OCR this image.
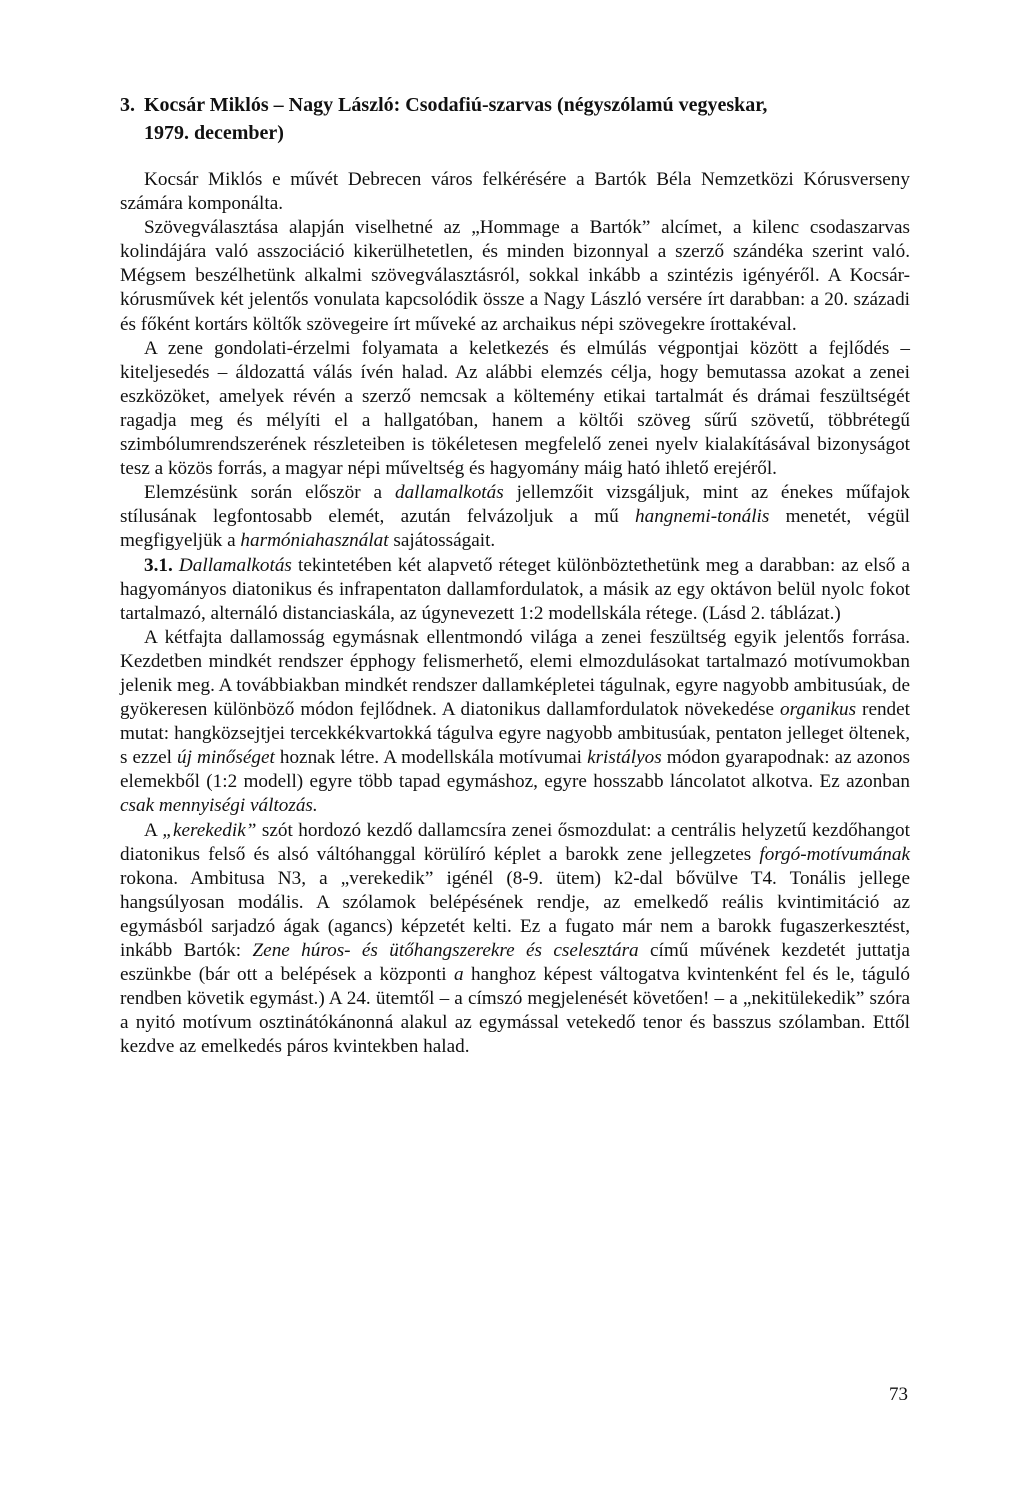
3. Kocsár Miklós – Nagy László: Csodafiú-szarvas (négyszólamú vegyeskar,
1979. december)

Kocsár Miklós e művét Debrecen város felkérésére a Bartók Béla Nemzetközi Kórusverseny számára komponálta.

Szövegválasztása alapján viselhetné az „Hommage a Bartók” alcímet, a kilenc csodaszarvas kolindájára való asszociáció kikerülhetetlen, és minden bizonnyal a szerző szándéka szerint való. Mégsem beszélhetünk alkalmi szövegválasztásról, sokkal inkább a szintézis igényéről. A Kocsár-kórusművek két jelentős vonulata kapcsolódik össze a Nagy László versére írt darabban: a 20. századi és főként kortárs költők szövegeire írt műveké az archaikus népi szövegekre írottakéval.

A zene gondolati-érzelmi folyamata a keletkezés és elmúlás végpontjai között a fejlődés – kiteljesedés – áldozattá válás ívén halad. Az alábbi elemzés célja, hogy bemutassa azokat a zenei eszközöket, amelyek révén a szerző nemcsak a költemény etikai tartalmát és drámai feszültségét ragadja meg és mélyíti el a hallgatóban, hanem a költői szöveg sűrű szövetű, többrétegű szimbólumrendszerének részleteiben is tökéletesen megfelelő zenei nyelv kialakításával bizonyságot tesz a közös forrás, a magyar népi műveltség és hagyomány máig ható ihlető erejéről.

Elemzésünk során először a dallamalkotás jellemzőit vizsgáljuk, mint az énekes műfajok stílusának legfontosabb elemét, azután felvázoljuk a mű hangnemi-tonális menetét, végül megfigyeljük a harmóniahasználat sajátosságait.

3.1. Dallamalkotás tekintetében két alapvető réteget különböztethetünk meg a darabban: az első a hagyományos diatonikus és infrapentaton dallamfordulatok, a másik az egy oktávon belül nyolc fokot tartalmazó, alternáló distanciaskála, az úgynevezett 1:2 modellskála rétege. (Lásd 2. táblázat.)

A kétfajta dallamosság egymásnak ellentmondó világa a zenei feszültség egyik jelentős forrása. Kezdetben mindkét rendszer épphogy felismerhető, elemi elmozdulásokat tartalmazó motívumokban jelenik meg. A továbbiakban mindkét rendszer dallamképletei tágulnak, egyre nagyobb ambitusúak, de gyökeresen különböző módon fejlődnek. A diatonikus dallamfordulatok növekedése organikus rendet mutat: hangközsejtjei tercekkékvartokká tágulva egyre nagyobb ambitusúak, pentaton jelleget öltenek, s ezzel új minőséget hoznak létre. A modellskála motívumai kristályos módon gyarapodnak: az azonos elemekből (1:2 modell) egyre több tapad egymáshoz, egyre hosszabb láncolatot alkotva. Ez azonban csak mennyiségi változás.

A „kerekedik” szót hordozó kezdő dallamcsíra zenei ősmozdulat: a centrális helyzetű kezdőhangot diatonikus felső és alsó váltóhanggal körülíró képlet a barokk zene jellegzetes forgó-motívumának rokona. Ambitusa N3, a „verekedik” igénél (8-9. ütem) k2-dal bővülve T4. Tonális jellege hangsúlyosan modális. A szólamok belépésének rendje, az emelkedő reális kvintimitáció az egymásból sarjadzó ágak (agancs) képzetét kelti. Ez a fugato már nem a barokk fugaszerkesztést, inkább Bartók: Zene húros- és ütőhangszerekre és cselesztára című művének kezdetét juttatja eszünkbe (bár ott a belépések a központi a hanghoz képest váltogatva kvintenként fel és le, táguló rendben követik egymást.) A 24. ütemtől – a címszó megjelenését követően! – a „nekitülekedik” szóra a nyitó motívum osztinátókánonná alakul az egymással vetekedő tenor és basszus szólamban. Ettől kezdve az emelkedés páros kvintekben halad.

73
